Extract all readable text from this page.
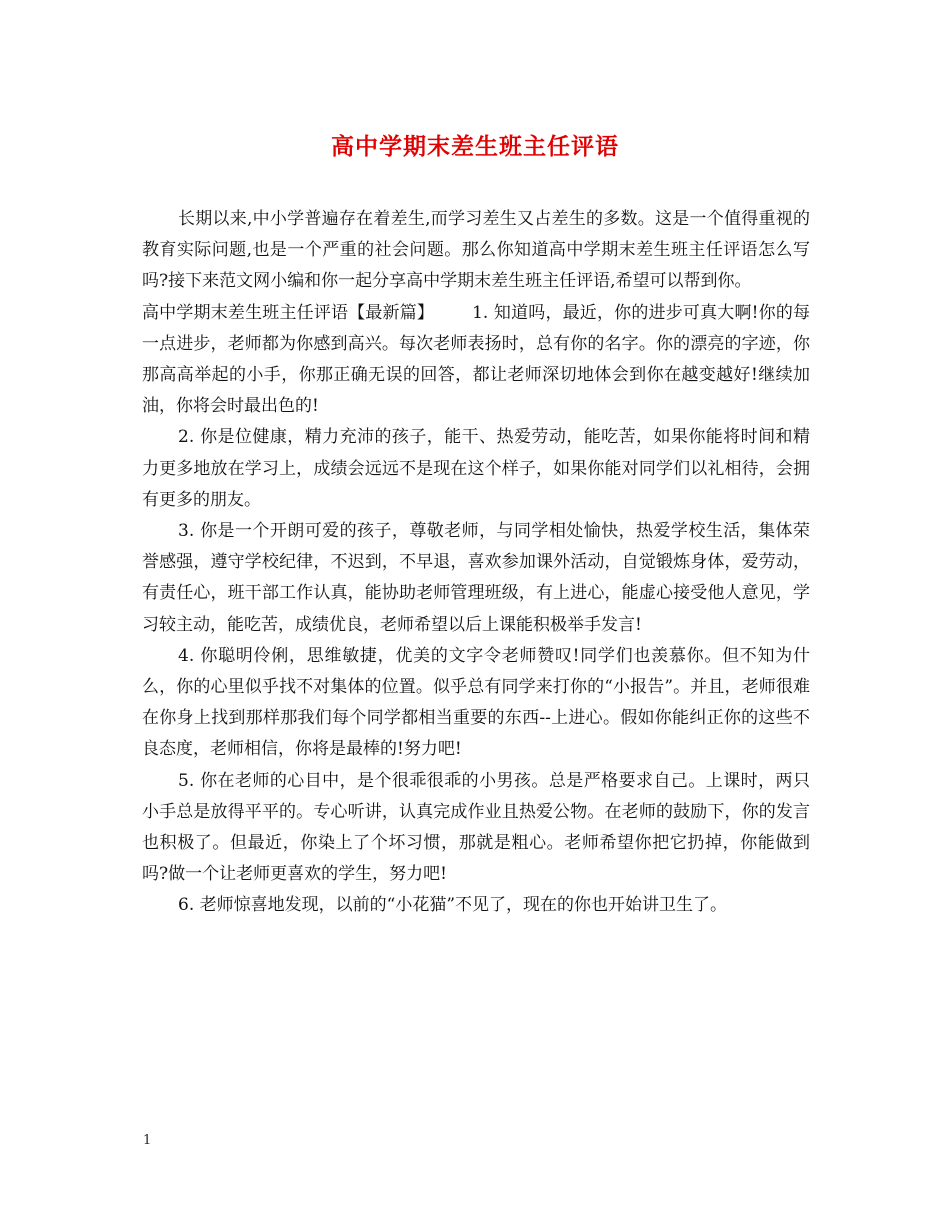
高中学期末差生班主任评语

长期以来,中小学普遍存在着差生,而学习差生又占差生的多数。这是一个值得重视的教育实际问题,也是一个严重的社会问题。那么你知道高中学期末差生班主任评语怎么写吗?接下来范文网小编和你一起分享高中学期末差生班主任评语,希望可以帮到你。

高中学期末差生班主任评语【最新篇】 1. 知道吗，最近，你的进步可真大啊!你的每一点进步，老师都为你感到高兴。每次老师表扬时，总有你的名字。你的漂亮的字迹，你那高高举起的小手，你那正确无误的回答，都让老师深切地体会到你在越变越好!继续加油，你将会时最出色的!

2. 你是位健康，精力充沛的孩子，能干、热爱劳动，能吃苦，如果你能将时间和精力更多地放在学习上，成绩会远远不是现在这个样子，如果你能对同学们以礼相待，会拥有更多的朋友。

3. 你是一个开朗可爱的孩子，尊敬老师，与同学相处愉快，热爱学校生活，集体荣誉感强，遵守学校纪律，不迟到，不早退，喜欢参加课外活动，自觉锻炼身体，爱劳动，有责任心，班干部工作认真，能协助老师管理班级，有上进心，能虚心接受他人意见，学习较主动，能吃苦，成绩优良，老师希望以后上课能积极举手发言!

4. 你聪明伶俐，思维敏捷，优美的文字令老师赞叹!同学们也羡慕你。但不知为什么，你的心里似乎找不对集体的位置。似乎总有同学来打你的“小报告”。并且，老师很难在你身上找到那样那我们每个同学都相当重要的东西--上进心。假如你能纠正你的这些不良态度，老师相信，你将是最棒的!努力吧!

5. 你在老师的心目中，是个很乖很乖的小男孩。总是严格要求自己。上课时，两只小手总是放得平平的。专心听讲，认真完成作业且热爱公物。在老师的鼓励下，你的发言也积极了。但最近，你染上了个坏习惯，那就是粗心。老师希望你把它扔掉，你能做到吗?做一个让老师更喜欢的学生，努力吧!

6. 老师惊喜地发现，以前的“小花猫”不见了，现在的你也开始讲卫生了。

1
